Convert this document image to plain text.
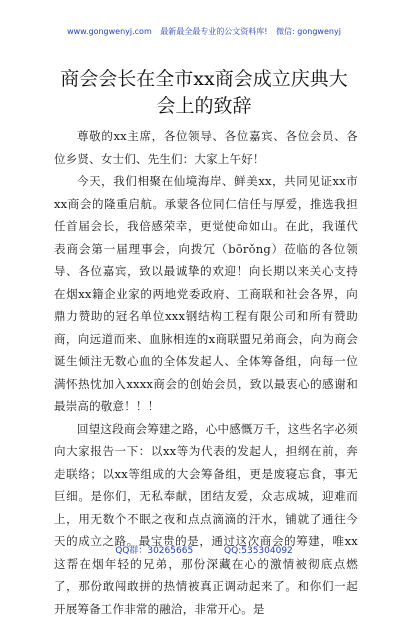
www.gongwenyj.com 最新最全最专业的公文资料库! 微信: gongwenyj
商会会长在全市xx商会成立庆典大会上的致辞

尊敬的xx主席，各位领导、各位嘉宾、各位会员、各位乡贤、女士们、先生们：大家上午好！

今天，我们相聚在仙境海岸、鲜美xx，共同见证xx市xx商会的隆重启航。承蒙各位同仁信任与厚爱，推选我担任首届会长，我倍感荣幸，更觉使命如山。在此，我谨代表商会第一届理事会，向拨冗（bōrǒng）莅临的各位领导、各位嘉宾，致以最诚挚的欢迎！向长期以来关心支持在烟xx籍企业家的两地党委政府、工商联和社会各界，向鼎力赞助的冠名单位xxx钢结构工程有限公司和所有赞助商，向远道而来、血脉相连的x商联盟兄弟商会，向为商会诞生倾注无数心血的全体发起人、全体筹备组，向每一位满怀热忱加入xxxx商会的创始会员，致以最衷心的感谢和最崇高的敬意！！！

回望这段商会筹建之路，心中感慨万千，这些名字必须向大家报告一下：以xx等为代表的发起人，担纲在前，奔走联络；以xx等组成的大会筹备组，更是废寝忘食，事无巨细。是你们，无私奉献，团结友爱，众志成城，迎难而上，用无数个不眠之夜和点点滴滴的汗水，铺就了通往今天的成立之路。最宝贵的是，通过这次商会的筹建，唯xx这帮在烟年轻的兄弟，那份深藏在心的激情被彻底点燃了，那份敢闯敢拼的热情被真正调动起来了。和你们一起开展筹备工作非常的融洽，非常开心。是

QQ群：30265665	QQ:535304092
